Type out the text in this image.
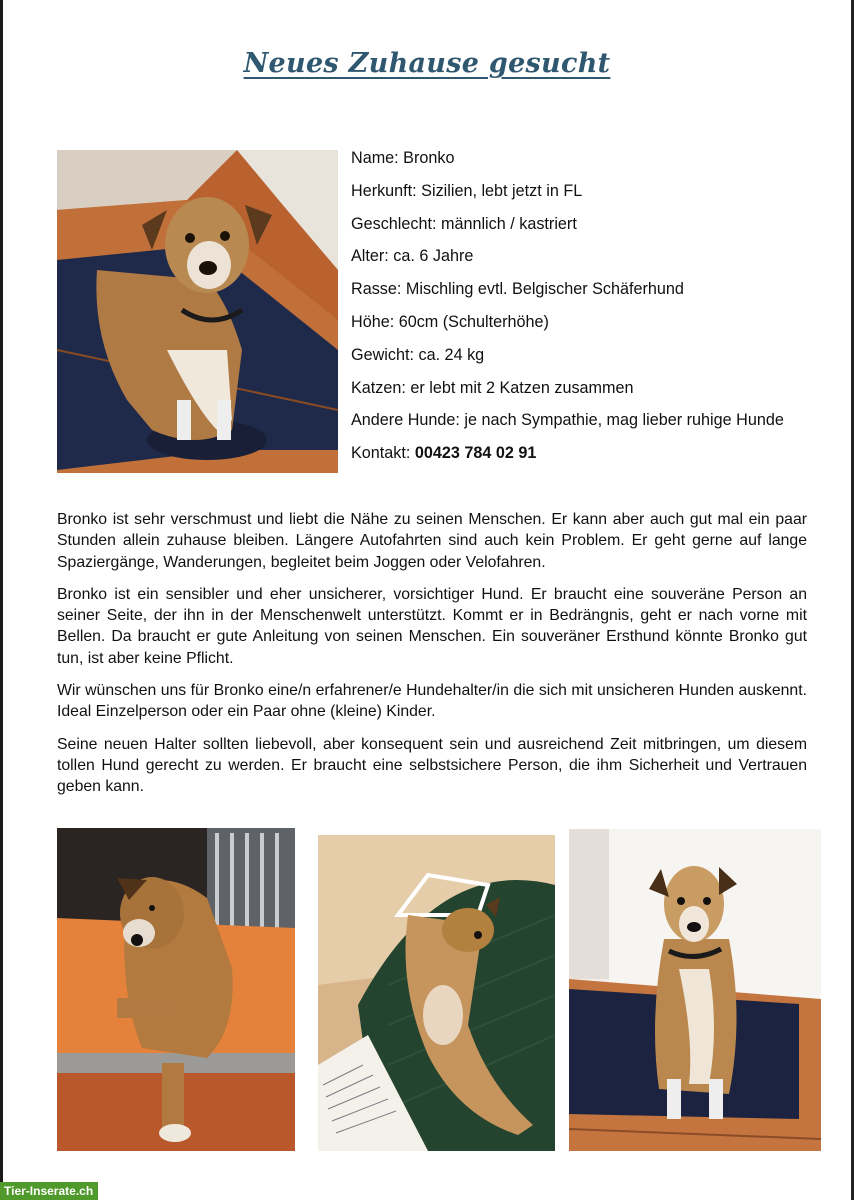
Neues Zuhause gesucht
Name: Bronko
Herkunft: Sizilien, lebt jetzt in FL
Geschlecht: männlich / kastriert
Alter: ca. 6 Jahre
Rasse: Mischling evtl. Belgischer Schäferhund
Höhe: 60cm (Schulterhöhe)
Gewicht: ca. 24 kg
Katzen: er lebt mit 2 Katzen zusammen
Andere Hunde: je nach Sympathie, mag lieber ruhige Hunde
Kontakt: 00423 784 02 91

Bronko ist sehr verschmust und liebt die Nähe zu seinen Menschen. Er kann aber auch gut mal ein paar Stunden allein zuhause bleiben. Längere Autofahrten sind auch kein Problem. Er geht gerne auf lange Spaziergänge, Wanderungen, begleitet beim Joggen oder Velofahren.

Bronko ist ein sensibler und eher unsicherer, vorsichtiger Hund. Er braucht eine souveräne Person an seiner Seite, der ihn in der Menschenwelt unterstützt. Kommt er in Bedrängnis, geht er nach vorne mit Bellen. Da braucht er gute Anleitung von seinen Menschen. Ein souveräner Ersthund könnte Bronko gut tun, ist aber keine Pflicht.

Wir wünschen uns für Bronko eine/n erfahrener/e Hundehalter/in die sich mit unsicheren Hunden auskennt. Ideal Einzelperson oder ein Paar ohne (kleine) Kinder.

Seine neuen Halter sollten liebevoll, aber konsequent sein und ausreichend Zeit mitbringen, um diesem tollen Hund gerecht zu werden. Er braucht eine selbstsichere Person, die ihm Sicherheit und Vertrauen geben kann.

Tier-Inserate.ch
